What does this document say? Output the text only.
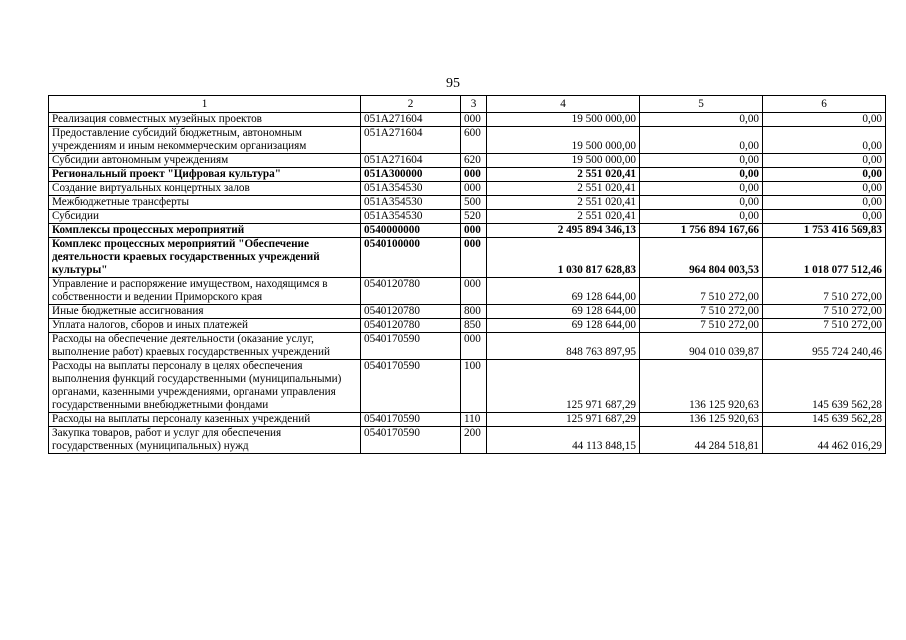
95
1	2	3	4	5	6
Реализация совместных музейных проектов	051A271604	000	19 500 000,00	0,00	0,00
Предоставление субсидий бюджетным, автономным учреждениям и иным некоммерческим организациям	051A271604	600	19 500 000,00	0,00	0,00
Субсидии автономным учреждениям	051A271604	620	19 500 000,00	0,00	0,00
Региональный проект "Цифровая культура"	051A300000	000	2 551 020,41	0,00	0,00
Создание виртуальных концертных залов	051A354530	000	2 551 020,41	0,00	0,00
Межбюджетные трансферты	051A354530	500	2 551 020,41	0,00	0,00
Субсидии	051A354530	520	2 551 020,41	0,00	0,00
Комплексы процессных мероприятий	0540000000	000	2 495 894 346,13	1 756 894 167,66	1 753 416 569,83
Комплекс процессных мероприятий "Обеспечение деятельности краевых государственных учреждений культуры"	0540100000	000	1 030 817 628,83	964 804 003,53	1 018 077 512,46
Управление и распоряжение имуществом, находящимся в собственности и ведении Приморского края	0540120780	000	69 128 644,00	7 510 272,00	7 510 272,00
Иные бюджетные ассигнования	0540120780	800	69 128 644,00	7 510 272,00	7 510 272,00
Уплата налогов, сборов и иных платежей	0540120780	850	69 128 644,00	7 510 272,00	7 510 272,00
Расходы на обеспечение деятельности (оказание услуг, выполнение работ) краевых государственных учреждений	0540170590	000	848 763 897,95	904 010 039,87	955 724 240,46
Расходы на выплаты персоналу в целях обеспечения выполнения функций государственными (муниципальными) органами, казенными учреждениями, органами управления государственными внебюджетными фондами	0540170590	100	125 971 687,29	136 125 920,63	145 639 562,28
Расходы на выплаты персоналу казенных учреждений	0540170590	110	125 971 687,29	136 125 920,63	145 639 562,28
Закупка товаров, работ и услуг для обеспечения государственных (муниципальных) нужд	0540170590	200	44 113 848,15	44 284 518,81	44 462 016,29
